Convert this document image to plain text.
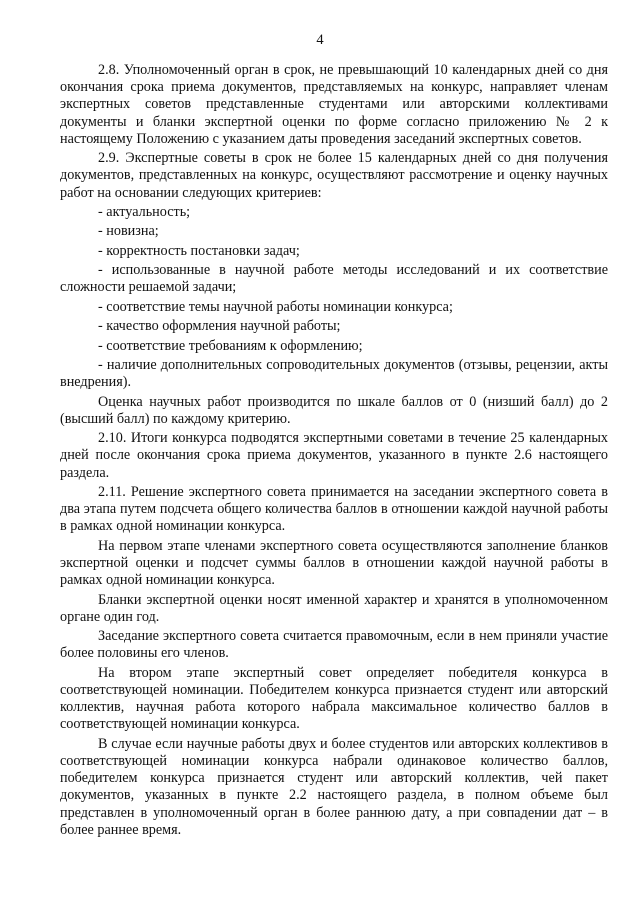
4

2.8. Уполномоченный орган в срок, не превышающий 10 календарных дней со дня окончания срока приема документов, представляемых на конкурс, направляет членам экспертных советов представленные студентами или авторскими коллективами документы и бланки экспертной оценки по форме согласно приложению № 2 к настоящему Положению с указанием даты проведения заседаний экспертных советов.

2.9. Экспертные советы в срок не более 15 календарных дней со дня получения документов, представленных на конкурс, осуществляют рассмотрение и оценку научных работ на основании следующих критериев:

- актуальность;

- новизна;

- корректность постановки задач;

- использованные в научной работе методы исследований и их соответствие сложности решаемой задачи;

- соответствие темы научной работы номинации конкурса;

- качество оформления научной работы;

- соответствие требованиям к оформлению;

- наличие дополнительных сопроводительных документов (отзывы, рецензии, акты внедрения).

Оценка научных работ производится по шкале баллов от 0 (низший балл) до 2 (высший балл) по каждому критерию.

2.10. Итоги конкурса подводятся экспертными советами в течение 25 календарных дней после окончания срока приема документов, указанного в пункте 2.6 настоящего раздела.

2.11. Решение экспертного совета принимается на заседании экспертного совета в два этапа путем подсчета общего количества баллов в отношении каждой научной работы в рамках одной номинации конкурса.

На первом этапе членами экспертного совета осуществляются заполнение бланков экспертной оценки и подсчет суммы баллов в отношении каждой научной работы в рамках одной номинации конкурса.

Бланки экспертной оценки носят именной характер и хранятся в уполномоченном органе один год.

Заседание экспертного совета считается правомочным, если в нем приняли участие более половины его членов.

На втором этапе экспертный совет определяет победителя конкурса в соответствующей номинации. Победителем конкурса признается студент или авторский коллектив, научная работа которого набрала максимальное количество баллов в соответствующей номинации конкурса.

В случае если научные работы двух и более студентов или авторских коллективов в соответствующей номинации конкурса набрали одинаковое количество баллов, победителем конкурса признается студент или авторский коллектив, чей пакет документов, указанных в пункте 2.2 настоящего раздела, в полном объеме был представлен в уполномоченный орган в более раннюю дату, а при совпадении дат – в более раннее время.
